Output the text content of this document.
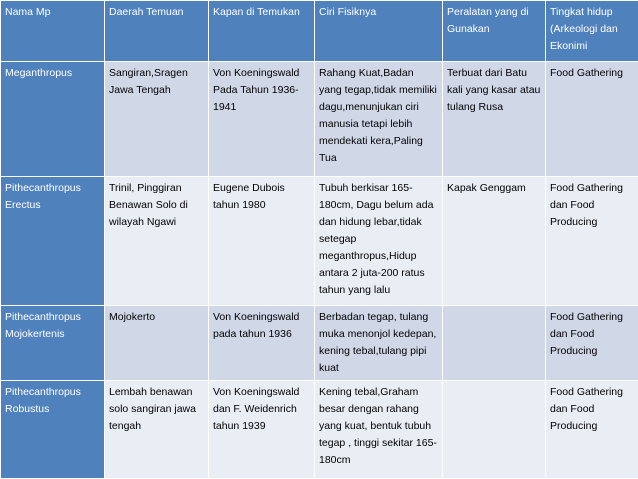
Nama Mp	Daerah Temuan	Kapan di Temukan	Ciri Fisiknya	Peralatan yang di Gunakan	Tingkat hidup (Arkeologi dan Ekonimi
Meganthropus	Sangiran,Sragen Jawa Tengah	Von Koeningswald Pada Tahun 1936-1941	Rahang Kuat,Badan yang tegap,tidak memiliki dagu,menunjukan ciri manusia tetapi lebih mendekati kera,Paling Tua	Terbuat dari Batu kali yang kasar atau tulang Rusa	Food Gathering
Pithecanthropus Erectus	Trinil, Pinggiran Benawan Solo di wilayah Ngawi	Eugene Dubois tahun 1980	Tubuh berkisar 165-180cm, Dagu belum ada dan hidung lebar,tidak setegap meganthropus,Hidup antara 2 juta-200 ratus tahun yang lalu	Kapak Genggam	Food Gathering dan Food Producing
Pithecanthropus Mojokertenis	Mojokerto	Von Koeningswald pada tahun 1936	Berbadan tegap, tulang muka menonjol kedepan, kening tebal,tulang pipi kuat		Food Gathering dan Food Producing
Pithecanthropus Robustus	Lembah benawan solo sangiran jawa tengah	Von Koeningswald dan F. Weidenrich tahun 1939	Kening tebal,Graham besar dengan rahang yang kuat, bentuk tubuh tegap , tinggi sekitar 165-180cm		Food Gathering dan Food Producing
